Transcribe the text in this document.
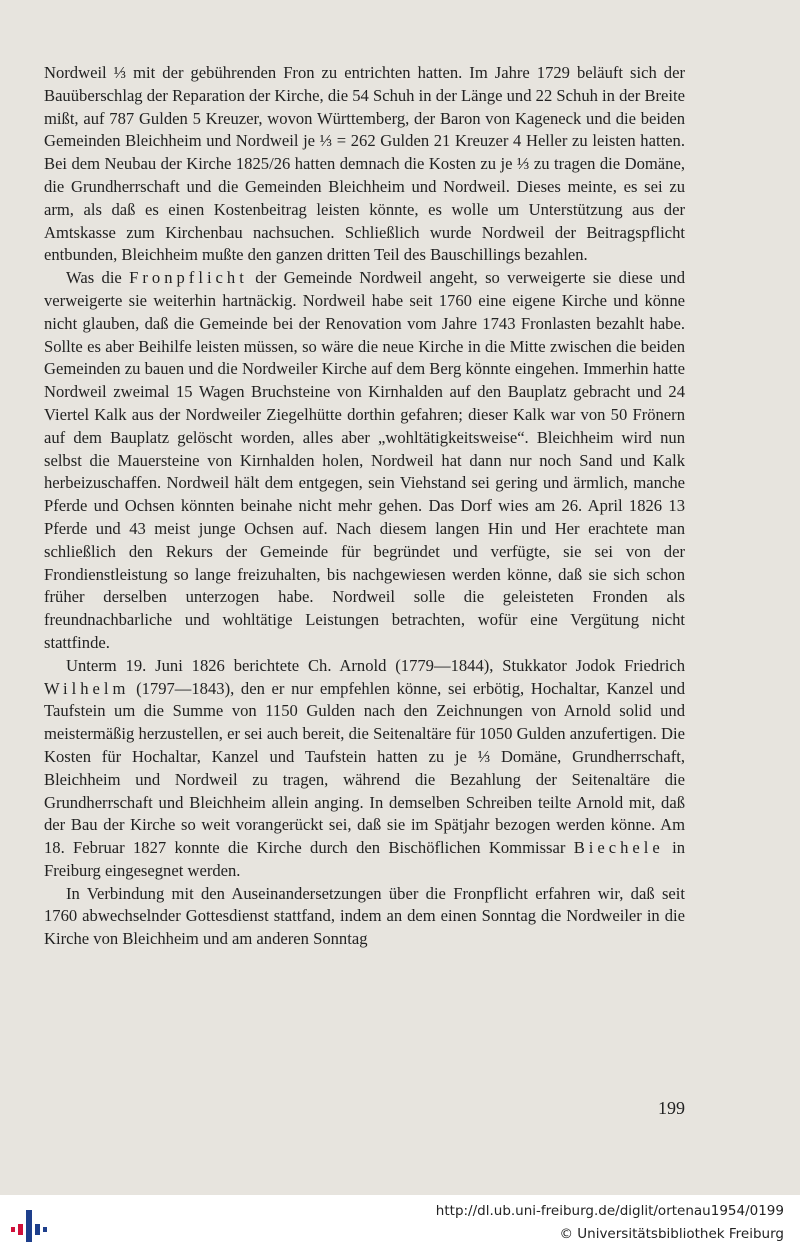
Nordweil ⅓ mit der gebührenden Fron zu entrichten hatten. Im Jahre 1729 beläuft sich der Bauüberschlag der Reparation der Kirche, die 54 Schuh in der Länge und 22 Schuh in der Breite mißt, auf 787 Gulden 5 Kreuzer, wovon Württemberg, der Baron von Kageneck und die beiden Gemeinden Bleichheim und Nordweil je ⅓ = 262 Gulden 21 Kreuzer 4 Heller zu leisten hatten. Bei dem Neubau der Kirche 1825/26 hatten demnach die Kosten zu je ⅓ zu tragen die Domäne, die Grundherrschaft und die Gemeinden Bleichheim und Nordweil. Dieses meinte, es sei zu arm, als daß es einen Kostenbeitrag leisten könnte, es wolle um Unterstützung aus der Amtskasse zum Kirchenbau nachsuchen. Schließlich wurde Nordweil der Beitragspflicht entbunden, Bleichheim mußte den ganzen dritten Teil des Bauschillings bezahlen.

Was die Fronpflicht der Gemeinde Nordweil angeht, so verweigerte sie diese und verweigerte sie weiterhin hartnäckig. Nordweil habe seit 1760 eine eigene Kirche und könne nicht glauben, daß die Gemeinde bei der Renovation vom Jahre 1743 Fronlasten bezahlt habe. Sollte es aber Beihilfe leisten müssen, so wäre die neue Kirche in die Mitte zwischen die beiden Gemeinden zu bauen und die Nordweiler Kirche auf dem Berg könnte eingehen. Immerhin hatte Nordweil zweimal 15 Wagen Bruchsteine von Kirnhalden auf den Bauplatz gebracht und 24 Viertel Kalk aus der Nordweiler Ziegelhütte dorthin gefahren; dieser Kalk war von 50 Frönern auf dem Bauplatz gelöscht worden, alles aber „wohltätigkeitsweise“. Bleichheim wird nun selbst die Mauersteine von Kirnhalden holen, Nordweil hat dann nur noch Sand und Kalk herbeizuschaffen. Nordweil hält dem entgegen, sein Viehstand sei gering und ärmlich, manche Pferde und Ochsen könnten beinahe nicht mehr gehen. Das Dorf wies am 26. April 1826 13 Pferde und 43 meist junge Ochsen auf. Nach diesem langen Hin und Her erachtete man schließlich den Rekurs der Gemeinde für begründet und verfügte, sie sei von der Frondienstleistung so lange freizuhalten, bis nachgewiesen werden könne, daß sie sich schon früher derselben unterzogen habe. Nordweil solle die geleisteten Fronden als freundnachbarliche und wohltätige Leistungen betrachten, wofür eine Vergütung nicht stattfinde.

Unterm 19. Juni 1826 berichtete Ch. Arnold (1779—1844), Stukkator Jodok Friedrich Wilhelm (1797—1843), den er nur empfehlen könne, sei erbötig, Hochaltar, Kanzel und Taufstein um die Summe von 1150 Gulden nach den Zeichnungen von Arnold solid und meistermäßig herzustellen, er sei auch bereit, die Seitenaltäre für 1050 Gulden anzufertigen. Die Kosten für Hochaltar, Kanzel und Taufstein hatten zu je ⅓ Domäne, Grundherrschaft, Bleichheim und Nordweil zu tragen, während die Bezahlung der Seitenaltäre die Grundherrschaft und Bleichheim allein anging. In demselben Schreiben teilte Arnold mit, daß der Bau der Kirche so weit vorangerückt sei, daß sie im Spätjahr bezogen werden könne. Am 18. Februar 1827 konnte die Kirche durch den Bischöflichen Kommissar Biechele in Freiburg eingesegnet werden.

In Verbindung mit den Auseinandersetzungen über die Fronpflicht erfahren wir, daß seit 1760 abwechselnder Gottesdienst stattfand, indem an dem einen Sonntag die Nordweiler in die Kirche von Bleichheim und am anderen Sonntag

199
http://dl.ub.uni-freiburg.de/diglit/ortenau1954/0199
© Universitätsbibliothek Freiburg
